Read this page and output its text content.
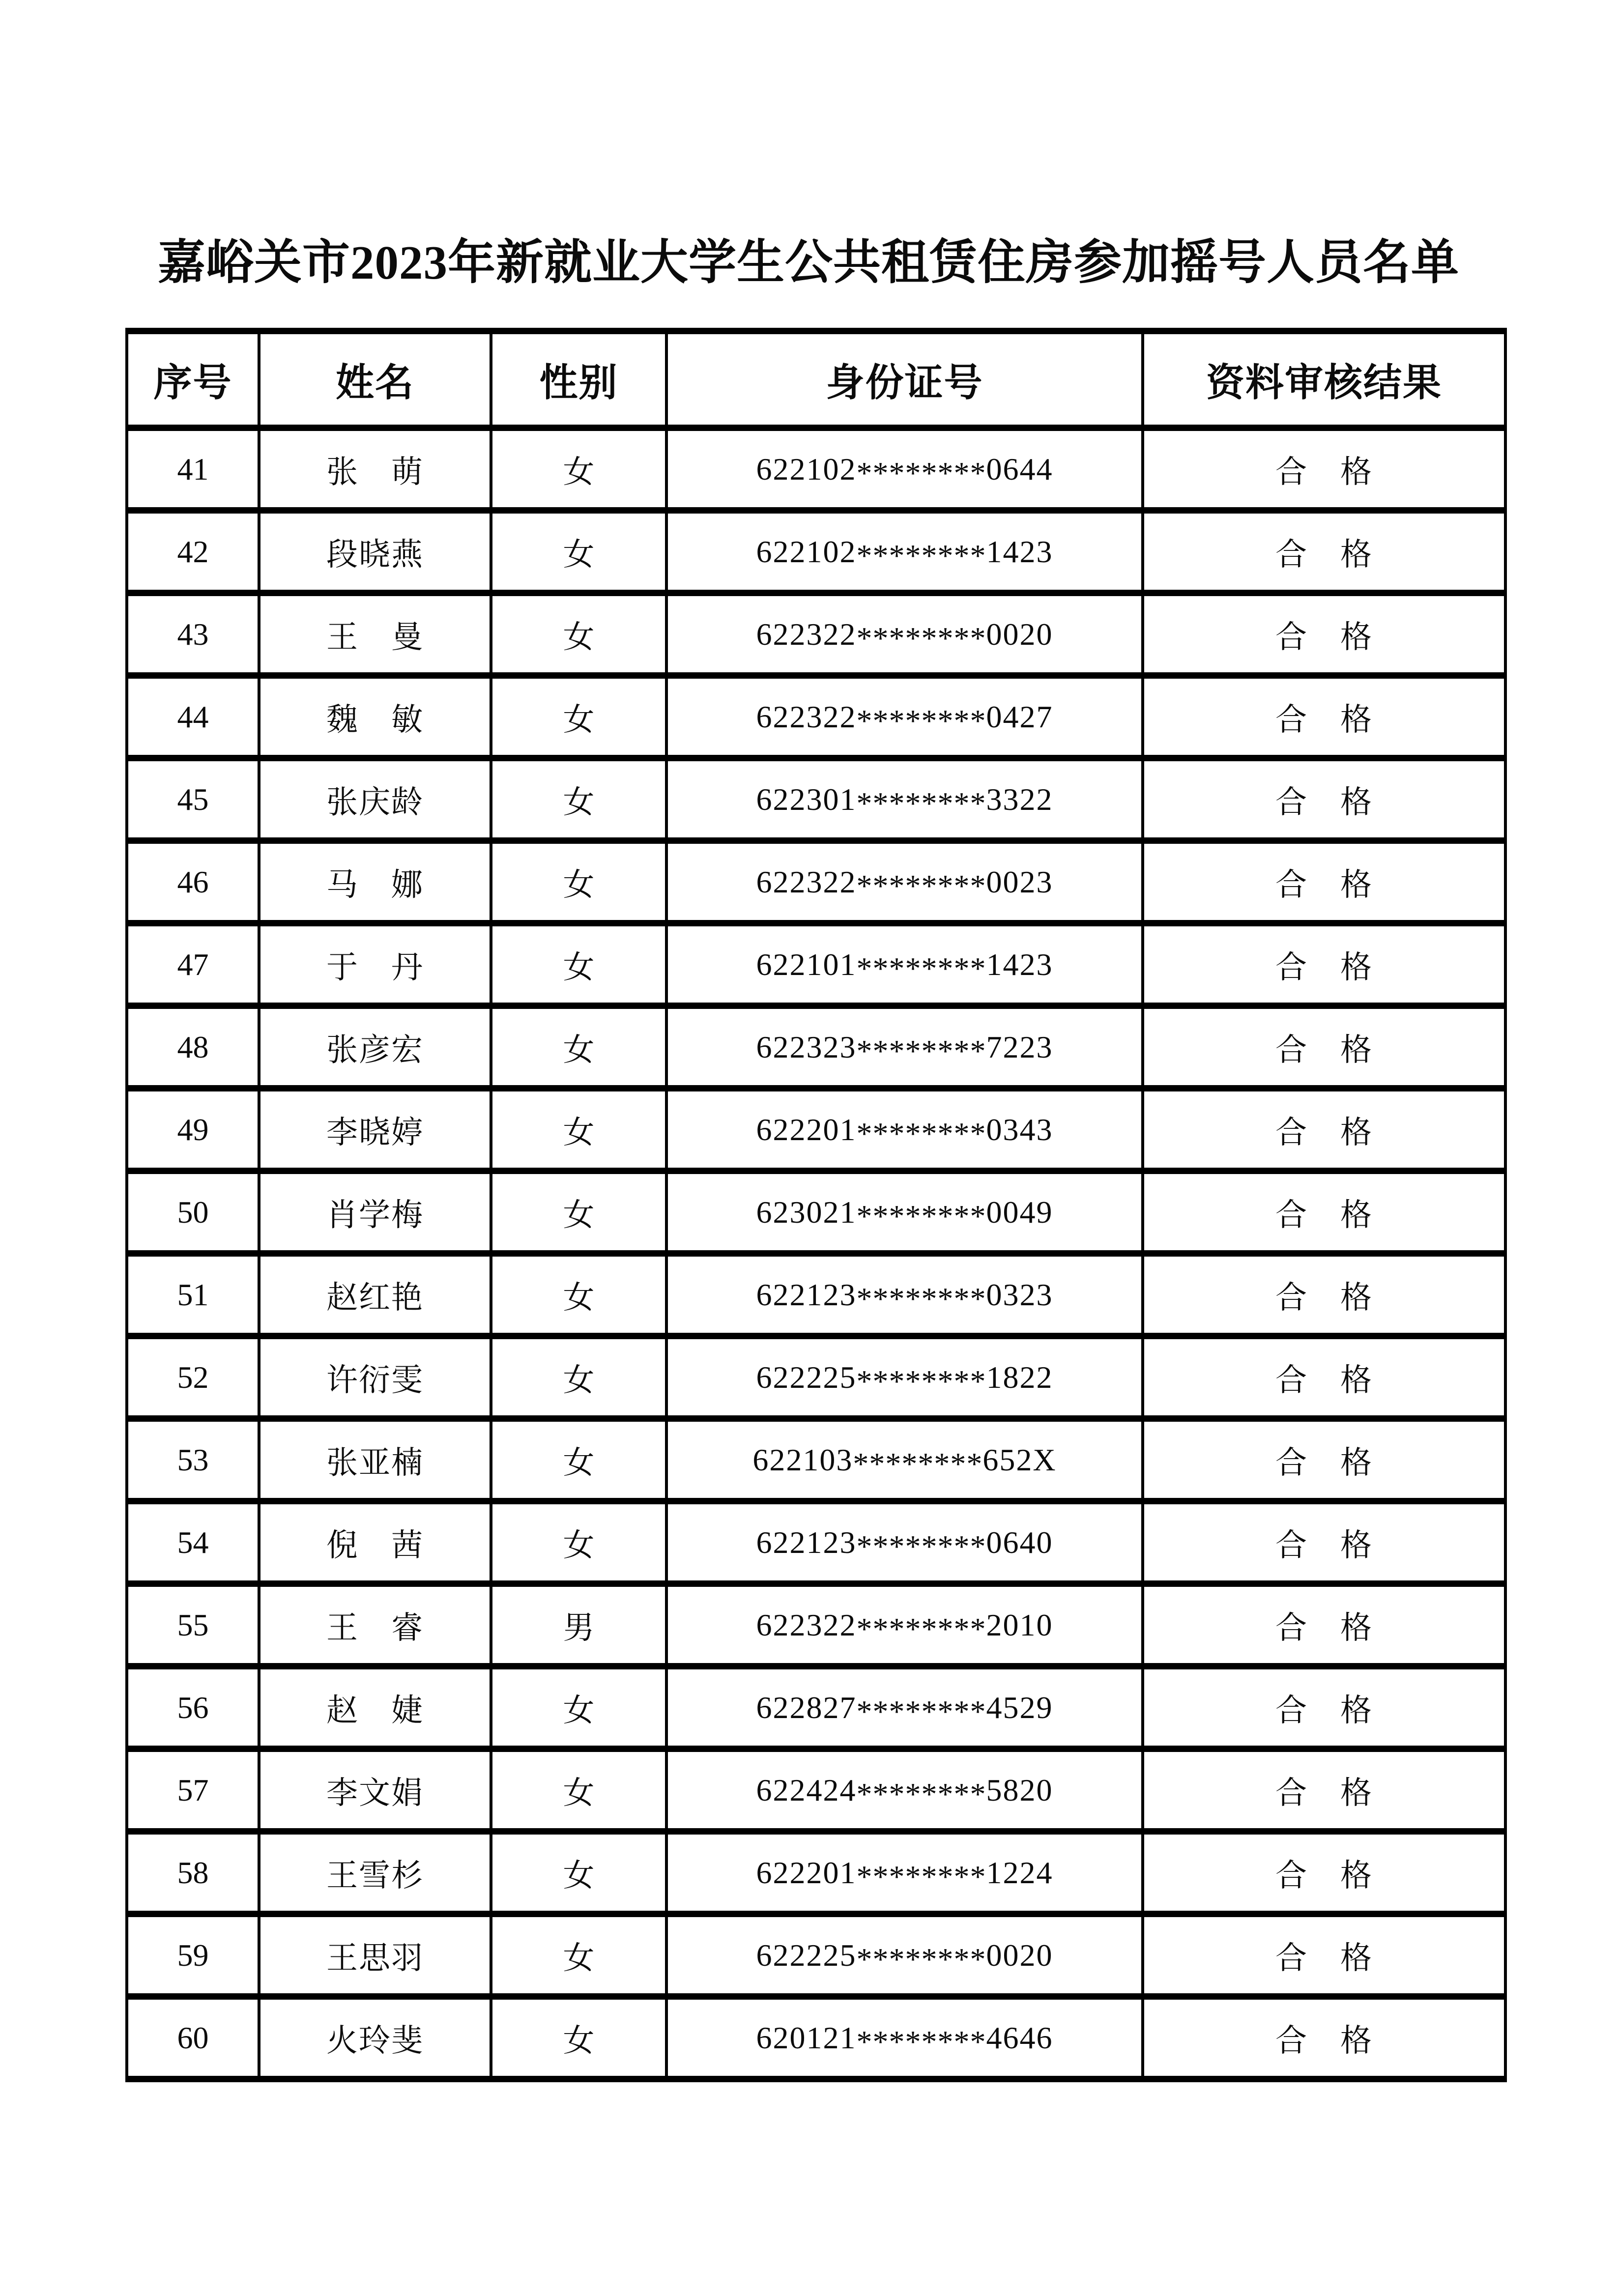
嘉峪关市2023年新就业大学生公共租赁住房参加摇号人员名单
序号	姓名	性别	身份证号	资料审核结果
41	张　萌	女	622102********0644	合　格
42	段晓燕	女	622102********1423	合　格
43	王　曼	女	622322********0020	合　格
44	魏　敏	女	622322********0427	合　格
45	张庆龄	女	622301********3322	合　格
46	马　娜	女	622322********0023	合　格
47	于　丹	女	622101********1423	合　格
48	张彦宏	女	622323********7223	合　格
49	李晓婷	女	622201********0343	合　格
50	肖学梅	女	623021********0049	合　格
51	赵红艳	女	622123********0323	合　格
52	许衍雯	女	622225********1822	合　格
53	张亚楠	女	622103********652X	合　格
54	倪　茜	女	622123********0640	合　格
55	王　睿	男	622322********2010	合　格
56	赵　婕	女	622827********4529	合　格
57	李文娟	女	622424********5820	合　格
58	王雪杉	女	622201********1224	合　格
59	王思羽	女	622225********0020	合　格
60	火玲斐	女	620121********4646	合　格
